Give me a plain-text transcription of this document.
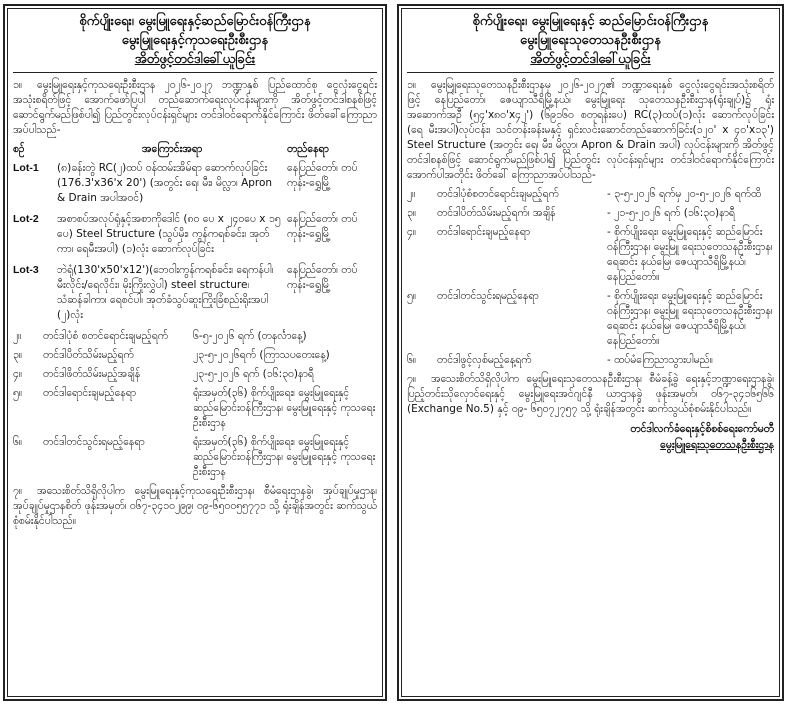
စိုက်ပျိုးရေး၊ မွေးမြူရေးနှင့်ဆည်မြောင်းဝန်ကြီးဌာန
မွေးမြူရေးနှင့်ကုသရေးဦးစီးဌာန
အိတ်ဖွင့်တင်ဒါခေါ်ယူခြင်း

၁။ မွေးမြူရေးနှင့်ကုသရေးဦးစီးဌာန ၂၀၂၆-၂၀၂၇ ဘဏ္ဍာနှစ် ပြည်ထောင်စု ငွေလုံးငွေရင်းအသုံးစရိတ်ဖြင့် အောက်ဖော်ပြပါ တည်ဆောက်ရေးလုပ်ငန်းများကို အိတ်ဖွင့်တင်ဒါစနစ်ဖြင့် ဆောင်ရွက်မည်ဖြစ်ပါ၍ ပြည်တွင်းလုပ်ငန်းရှင်များ တင်ဒါဝင်ရောက်နိုင်ကြောင်း ဖိတ်ခေါ်ကြောညာအပ်ပါသည်-

စဉ်	အကြောင်းအရာ	တည်နေရာ
Lot-1	(၈)ခန်းတွဲ RC(၂)ထပ် ဝန်ထမ်းအိမ်ရာ ဆောက်လုပ်ခြင်း (176.3'x36'x 20') (အတွင်း ရေ၊ မီး၊ မိလ္လာ၊ Apron & Drain အပါအဝင်)
နေပြည်တော်၊ တပ်ကုန်း-ရွှေမြို့
Lot-2	အစာစပ်အလုပ်ရုံနှင့်အစာကိုဒေါင် (၈၀ ပေ x ၂၄၀ပေ x ၁၅ ပေ) Steel Structure (သွပ်မိုး၊ ကွန်ကရစ်ခင်း၊ အုတ်ကာ၊ ရေမီးအပါ) (၁)လုံး ဆောက်လုပ်ခြင်း
နေပြည်တော်၊ တပ်ကုန်း-ရွှေမြို့
Lot-3	ဘဲရုံ(130'x50'x12')(ဘေဝါးကွန်ကရစ်ခင်း၊ ရေကန်ပါ၊ မီးလိုင်း/ရေလိုင်း၊ မိုးကြိုးလွှဲပါ) steel structure၊ သံဆန်ခါကာ၊ ရေစင်ပါ၊ အုတ်ခံသွပ်ဆူးကြိုးခြံစည်းရိုးအပါ (၂)လုံး
နေပြည်တော်၊ တပ်ကုန်း-ရွှေမြို့
၂။	တင်ဒါပုံစံ စတင်ရောင်းချမည့်ရက်	၆-၅-၂၀၂၆ ရက် (တနင်္လာနေ့)
၃။	တင်ဒါပိတ်သိမ်းမည့်ရက်	၂၃-၅-၂၀၂၆ရက် (ကြာသပတေးနေ့)
၄။	တင်ဒါဖိတ်သိမ်းမည့်အချိန်	၂၃-၅-၂၀၂၆ ရက် (၁၆:၃၀)နာရီ
၅။	တင်ဒါရောင်းချမည့်နေရာ	ရုံးအမှတ်(၃၆) စိုက်ပျိုးရေး၊ မွေးမြူရေးနှင့် ဆည်မြောင်းဝန်ကြီးဌာန၊ မွေးမြူရေးနှင့် ကုသရေးဦးစီးဌာန
၆။	တင်ဒါတင်သွင်းရမည့်နေရာ	ရုံးအမှတ်(၃၆) စိုက်ပျိုးရေး၊ မွေးမြူရေးနှင့် ဆည်မြောင်းဝန်ကြီးဌာန၊ မွေးမြူရေးနှင့် ကုသရေးဦးစီးဌာန

၇။ အသေးစိတ်သိရှိလိုပါက မွေးမြူရေးနှင့်ကုသရေးဦးစီးဌာန၊ စီမံရေးဌာနခွဲ၊ အုပ်ချုပ်မှုဌာန၊ အုပ်ချုပ်မှုဌာနစိတ် ဖုန်းအမှတ်၊ ၀၆၇-၃၄၁၀၂၉၉၊ ၀၉-၆၅၀၀၅၅၇၇၁ သို့ ရုံးချိန်အတွင်း ဆက်သွယ်စုံစမ်းနိုင်ပါသည်။

စိုက်ပျိုးရေး၊ မွေးမြူရေးနှင့် ဆည်မြောင်းဝန်ကြီးဌာန
မွေးမြူရေးသုတေသနဦးစီးဌာန
အိတ်ဖွင့်တင်ဒါခေါ်ယူခြင်း

၁။ မွေးမြူရေးသုတေသနဦးစီးဌာနမှ ၂၀၂၆-၂၀၂၇၏ ဘဏ္ဍာရေးနှစ် ငွေလုံးငွေရင်းအသုံးစရိတ်ဖြင့် နေပြည်တော်၊ ဇေယျာသီရိမြို့နယ်၊ မွေးမြူရေး သုတေသနဦးစီးဌာန(ရုံးချုပ်)၌ ရုံးအဆောက်အဦ (၅၄'x၈၀'x၄၂') (၆၉၁၆ဝ စတုရန်းပေ) RC(၃)ထပ်(၁)လုံး ဆောက်လုပ်ခြင်း (ရေ မီးအပါ)လုပ်ငန်း၊ သင်တန်းခန်းမနှင့် ရှင်းလင်းဆောင်တည်ဆောက်ခြင်း(၁၂၀' x ၄၀'x၁၃') Steel Structure (အတွင်း ရေ၊ မီး၊ မိလ္လာ၊ Apron & Drain အပါ) လုပ်ငန်းများကို အိတ်ဖွင့်တင်ဒါစနစ်ဖြင့် ဆောင်ရွက်မည်ဖြစ်ပါ၍ ပြည်တွင်း လုပ်ငန်းရှင်များ တင်ဒါဝင်ရောက်နိုင်ကြောင်း အောက်ပါအတိုင်း ဖိတ်ခေါ် ကြောညာအပ်ပါသည်-

၂။	တင်ဒါပုံစံစတင်ရောင်းချမည့်ရက်	- ၃-၅-၂၀၂၆ ရက်မှ ၂၀-၅-၂၀၂၆ ရက်ထိ
၃။	တင်ဒါပိတ်သိမ်းမည့်ရက်၊ အချိန်	- ၂၁-၅-၂၀၂၆ ရက် (၁၆:၃၀)နာရီ
၄။	တင်ဒါရောင်းချမည့်နေရာ	- စိုက်ပျိုးရေး၊ မွေးမြူရေးနှင့် ဆည်မြောင်းဝန်ကြီးဌာန၊ မွေးမြူ ရေးသုတေသနဦးစီးဌာန၊ ရေဆင်း နယ်မြေ၊ ဇေယျာသီရိမြို့နယ်၊ နေပြည်တော်။
၅။	တင်ဒါတင်သွင်းရမည့်နေရာ	- စိုက်ပျိုးရေး၊ မွေးမြူရေးနှင့် ဆည်မြောင်းဝန်ကြီးဌာန၊ မွေးမြူ ရေးသုတေသနဦးစီးဌာန၊ ရေဆင်း နယ်မြေ၊ ဇေယျာသီရိမြို့နယ်၊ နေပြည်တော်။
၆။	တင်ဒါဖွင့်လှစ်မည့်နေ့ရက်	- ထပ်မံကြေညာသွားပါမည်။

၇။ အသေးစိတ်သိရှိလိုပါက မွေးမြူရေးသုတေသနဦးစီးဌာန၊ စီမံခန့်ခွဲ ရေးနှင့်ဘဏ္ဍာရေးဌာနခွဲ၊ ပြည့်တင်းသိုလှောင်ရေးနှင့် မွေးမြူရေးအင်ဂျင်နီ ယာဌာနခွဲ ဖုန်းအမှတ်၊ ၀၆၇-၃၄၁၆၅၆၆ (Exchange No.5) နှင့် ၀၉- ၆၅၀၇၂၇၅၇ သို့ ရုံးချိန်အတွင်း ဆက်သွယ်စုံစမ်းနိုင်ပါသည်။

တင်ဒါလက်ခံရေးနှင့်စိစစ်ရေးကော်မတီ
မွေးမြူရေးသုတေသနဦးစီးဌာန
